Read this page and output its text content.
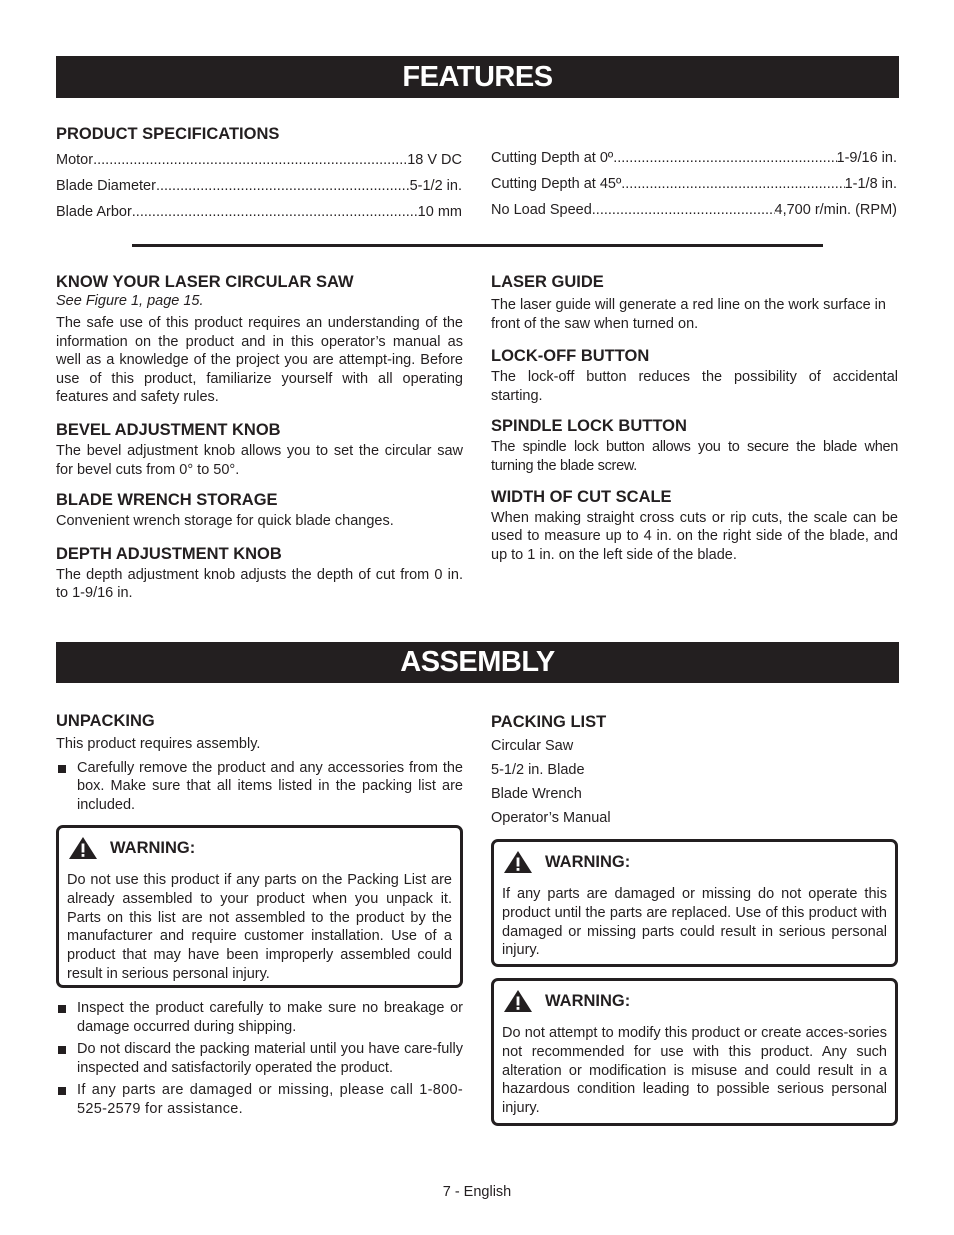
FEATURES
PRODUCT SPECIFICATIONS
Motor .....	18 V DC
Blade Diameter .....	5-1/2 in.
Blade Arbor .....	10 mm
Cutting Depth at 0º .....	1-9/16 in.
Cutting Depth at 45º .....	1-1/8 in.
No Load Speed .....	4,700 r/min. (RPM)
KNOW YOUR LASER CIRCULAR SAW
See Figure 1, page 15.
The safe use of this product requires an understanding of the information on the product and in this operator’s manual as well as a knowledge of the project you are attempt-ing. Before use of this product, familiarize yourself with all operating features and safety rules.
BEVEL ADJUSTMENT KNOB
The bevel adjustment knob allows you to set the circular saw for bevel cuts from 0° to 50°.
BLADE WRENCH STORAGE
Convenient wrench storage for quick blade changes.
DEPTH ADJUSTMENT KNOB
The depth adjustment knob adjusts the depth of cut from 0 in. to 1-9/16 in.
LASER GUIDE
The laser guide will generate a red line on the work surface in front of the saw when turned on.
LOCK-OFF BUTTON
The lock-off button reduces the possibility of accidental starting.
SPINDLE LOCK BUTTON
The spindle lock button allows you to secure the blade when turning the blade screw.
WIDTH OF CUT SCALE
When making straight cross cuts or rip cuts, the scale can be used to measure up to 4 in. on the right side of the blade, and up to 1 in. on the left side of the blade.
ASSEMBLY
UNPACKING
This product requires assembly.
Carefully remove the product and any accessories from the box. Make sure that all items listed in the packing list are included.
WARNING:
Do not use this product if any parts on the Packing List are already assembled to your product when you unpack it. Parts on this list are not assembled to the product by the manufacturer and require customer installation. Use of a product that may have been improperly assembled could result in serious personal injury.
Inspect the product carefully to make sure no breakage or damage occurred during shipping.
Do not discard the packing material until you have care-fully inspected and satisfactorily operated the product.
If any parts are damaged or missing, please call 1-800-525-2579 for assistance.
PACKING LIST
Circular Saw
5-1/2 in. Blade
Blade Wrench
Operator’s Manual
WARNING:
If any parts are damaged or missing do not operate this product until the parts are replaced. Use of this product with damaged or missing parts could result in serious personal injury.
WARNING:
Do not attempt to modify this product or create acces-sories not recommended for use with this product. Any such alteration or modification is misuse and could result in a hazardous condition leading to possible serious personal injury.
7 - English
